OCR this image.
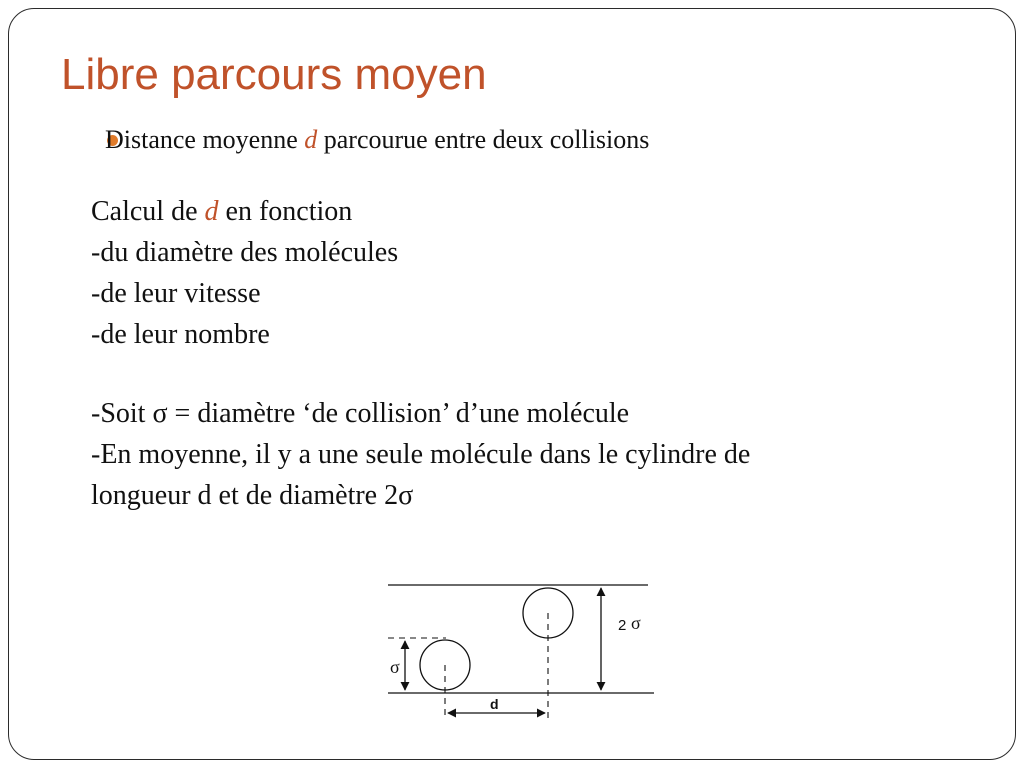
Libre parcours moyen

Distance moyenne d parcourue entre deux collisions

Calcul de d en fonction
-du diamètre des molécules
-de leur vitesse
-de leur nombre
-Soit σ = diamètre ‘de collision’ d’une molécule
-En moyenne, il y a une seule molécule dans le cylindre de
longueur d et de diamètre 2σ
σ
2 σ
d
